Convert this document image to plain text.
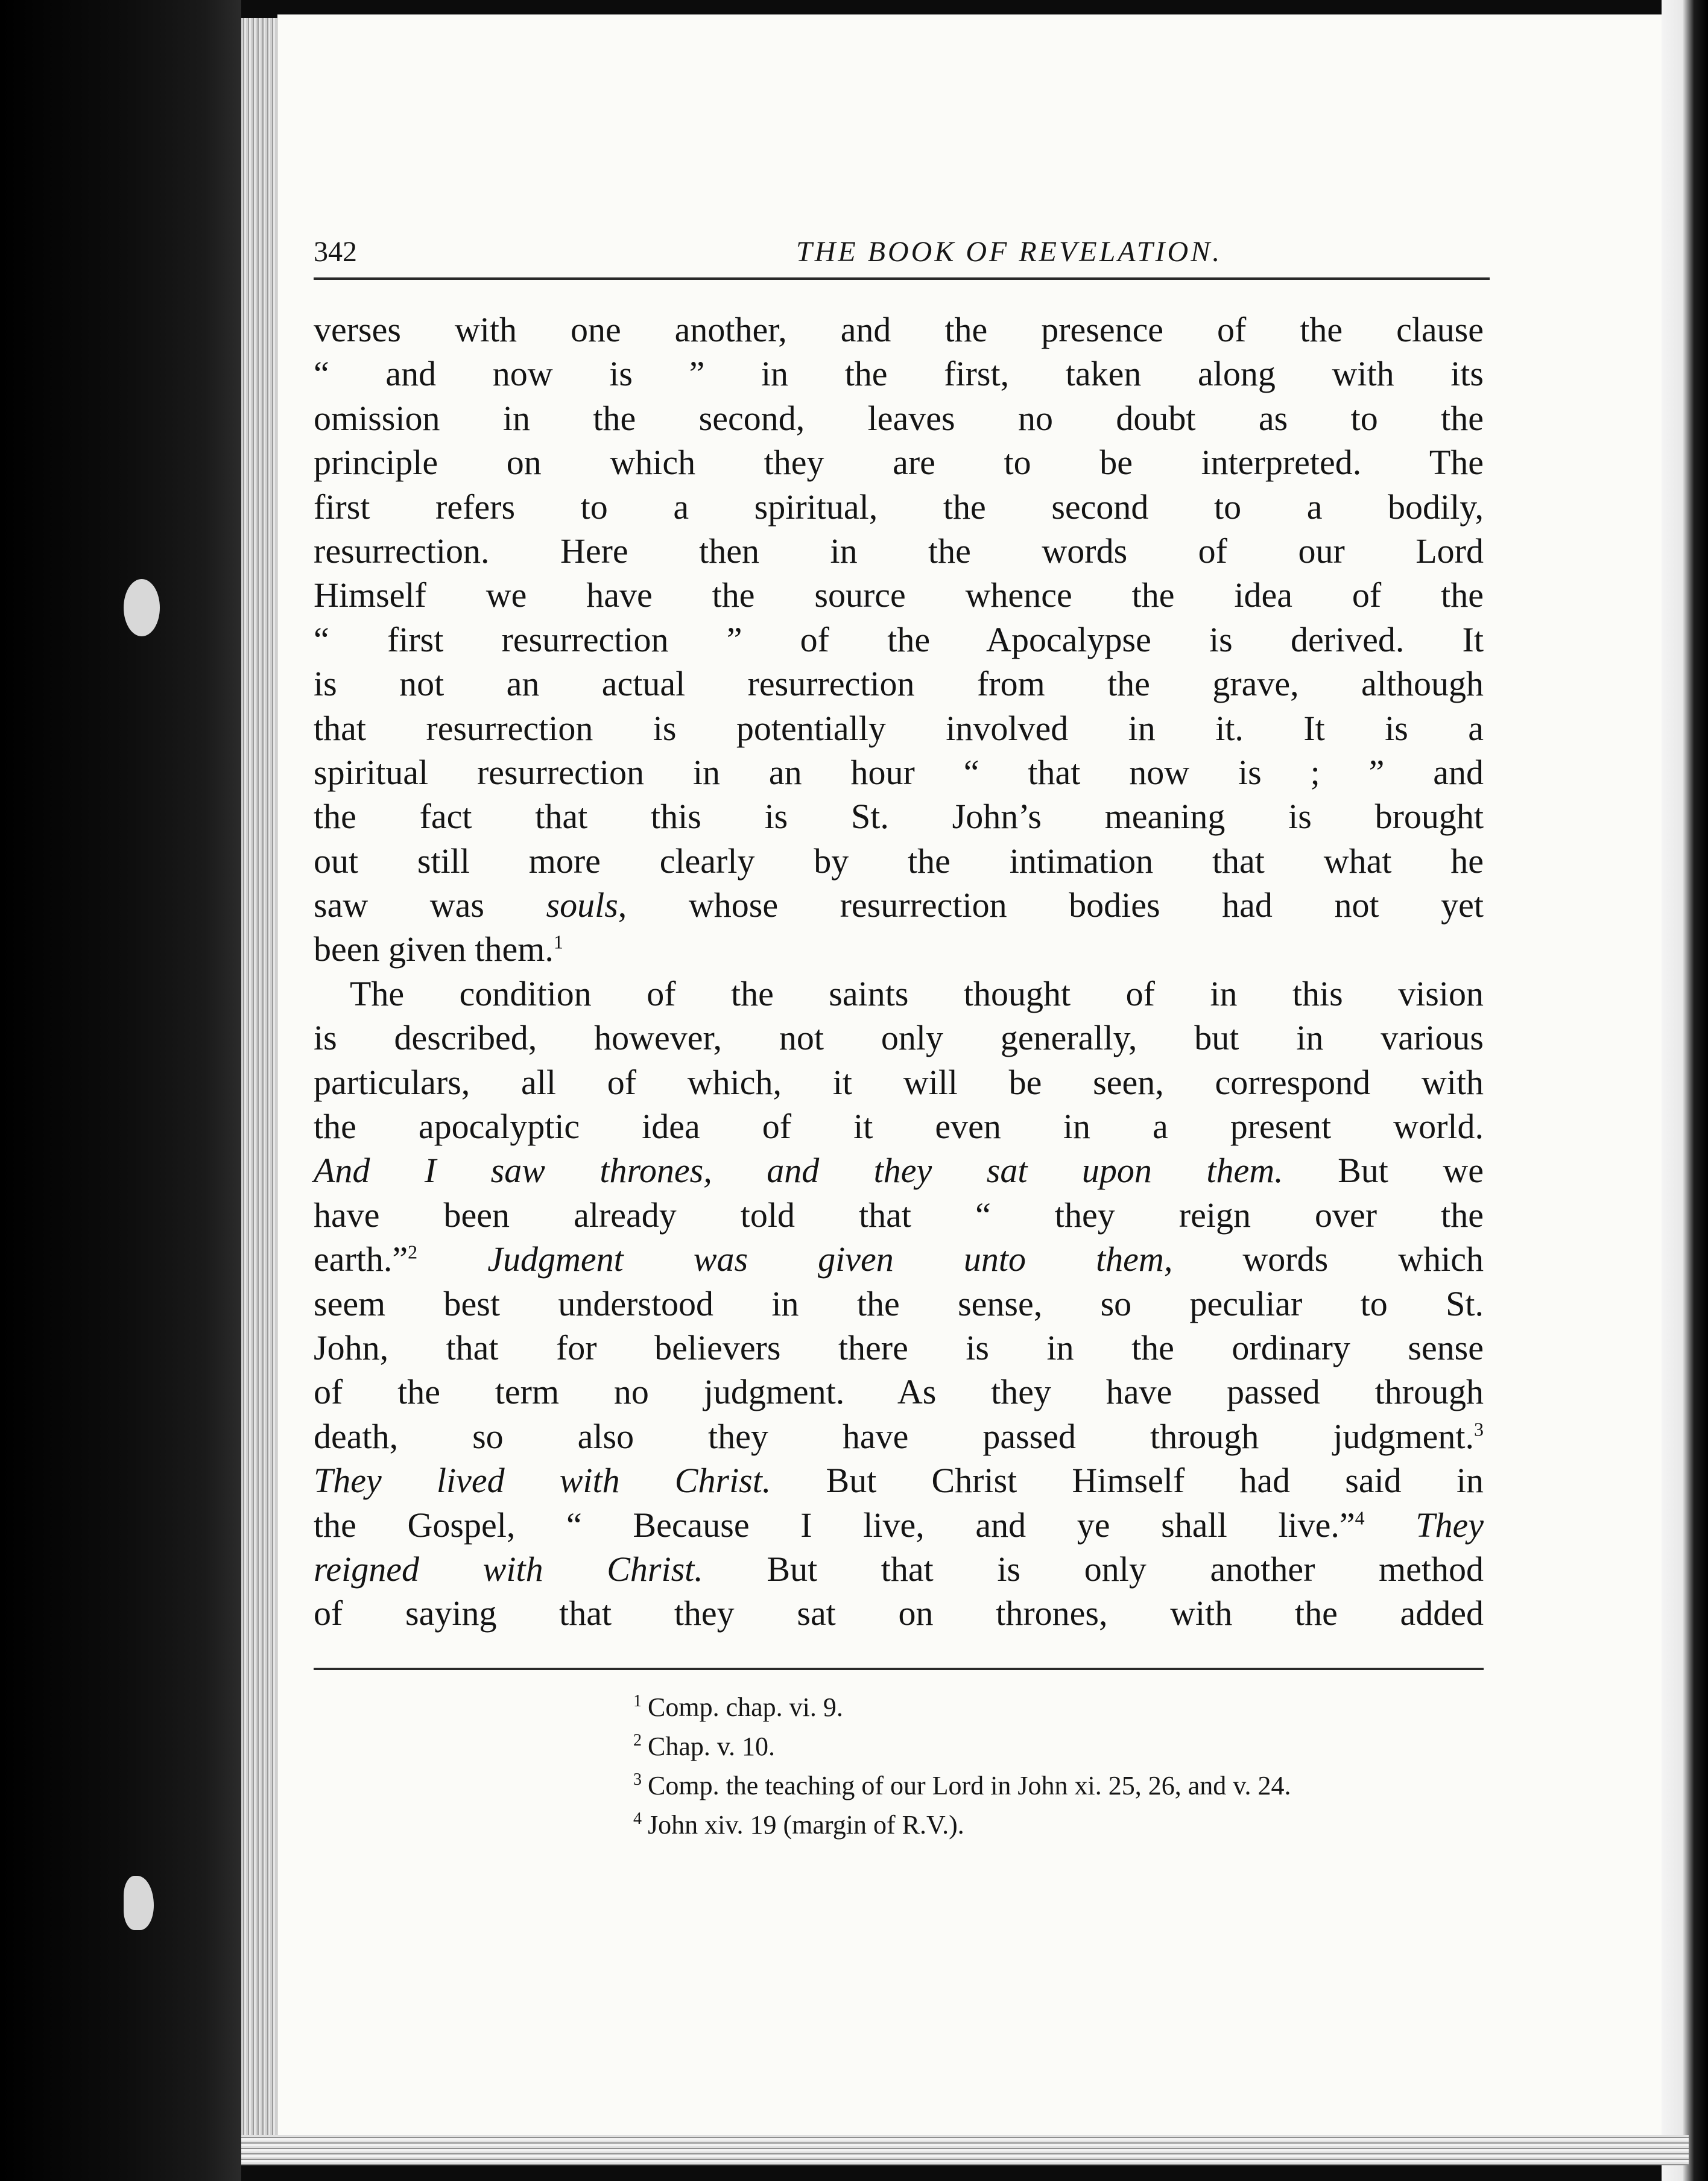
342	THE BOOK OF REVELATION.
verses with one another, and the presence of the clause
“ and now is ” in the first, taken along with its
omission in the second, leaves no doubt as to the
principle on which they are to be interpreted. The
first refers to a spiritual, the second to a bodily,
resurrection. Here then in the words of our Lord
Himself we have the source whence the idea of the
“ first resurrection ” of the Apocalypse is derived. It
is not an actual resurrection from the grave, although
that resurrection is potentially involved in it. It is a
spiritual resurrection in an hour “ that now is ; ” and
the fact that this is St. John’s meaning is brought
out still more clearly by the intimation that what he
saw was souls, whose resurrection bodies had not yet
been given them.$^1$
The condition of the saints thought of in this vision
is described, however, not only generally, but in various
particulars, all of which, it will be seen, correspond with
the apocalyptic idea of it even in a present world.
And I saw thrones, and they sat upon them. But we
have been already told that “ they reign over the
earth.”$^2$ Judgment was given unto them, words which
seem best understood in the sense, so peculiar to St.
John, that for believers there is in the ordinary sense
of the term no judgment. As they have passed through
death, so also they have passed through judgment.$^3$
They lived with Christ. But Christ Himself had said in
the Gospel, “ Because I live, and ye shall live.”$^4$ They
reigned with Christ. But that is only another method
of saying that they sat on thrones, with the added
$^1$ Comp. chap. vi. 9.
$^2$ Chap. v. 10.
$^3$ Comp. the teaching of our Lord in John xi. 25, 26, and v. 24.
$^4$ John xiv. 19 (margin of R.V.).
